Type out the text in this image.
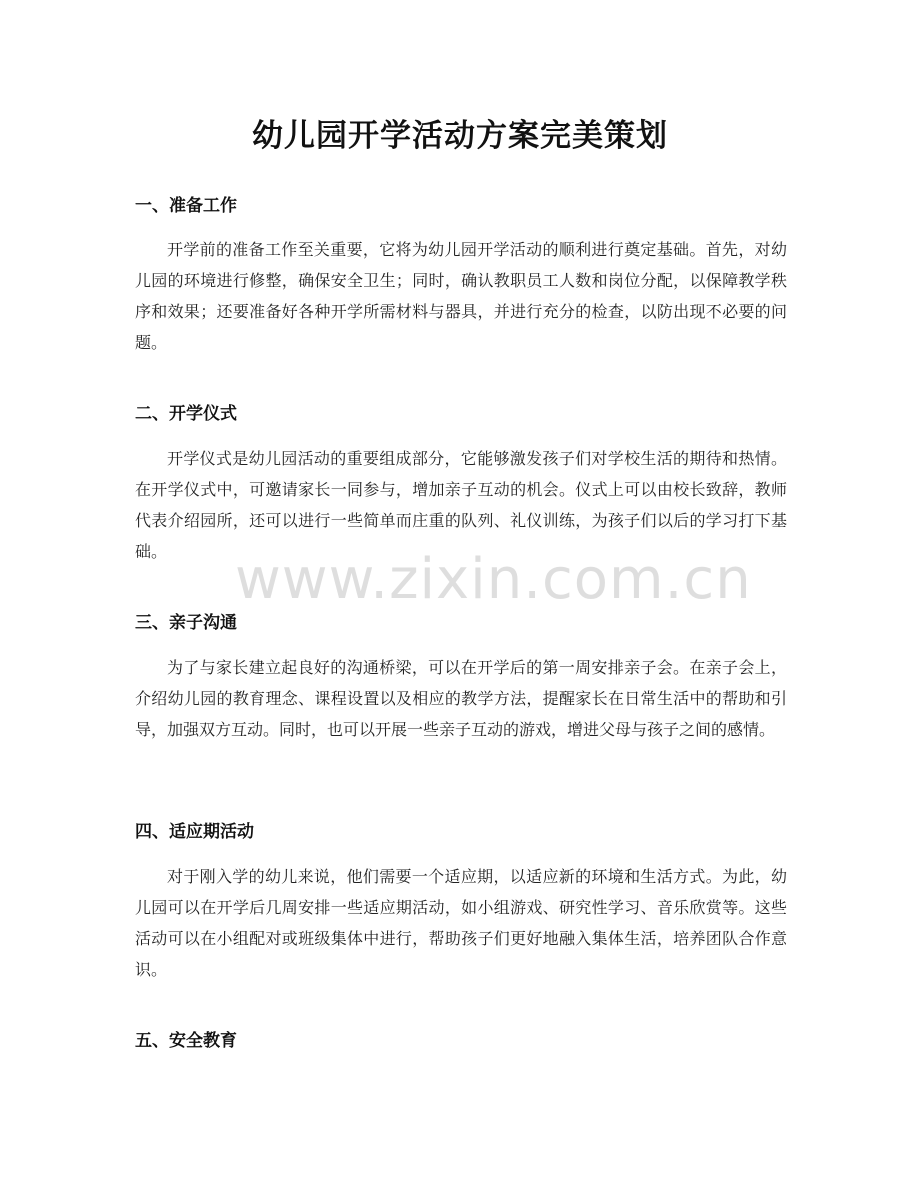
幼儿园开学活动方案完美策划
一、准备工作

开学前的准备工作至关重要，它将为幼儿园开学活动的顺利进行奠定基础。首先，对幼儿园的环境进行修整，确保安全卫生；同时，确认教职员工人数和岗位分配，以保障教学秩序和效果；还要准备好各种开学所需材料与器具，并进行充分的检查，以防出现不必要的问题。

二、开学仪式

开学仪式是幼儿园活动的重要组成部分，它能够激发孩子们对学校生活的期待和热情。在开学仪式中，可邀请家长一同参与，增加亲子互动的机会。仪式上可以由校长致辞，教师代表介绍园所，还可以进行一些简单而庄重的队列、礼仪训练，为孩子们以后的学习打下基础。

三、亲子沟通

为了与家长建立起良好的沟通桥梁，可以在开学后的第一周安排亲子会。在亲子会上，介绍幼儿园的教育理念、课程设置以及相应的教学方法，提醒家长在日常生活中的帮助和引导，加强双方互动。同时，也可以开展一些亲子互动的游戏，增进父母与孩子之间的感情。

四、适应期活动

对于刚入学的幼儿来说，他们需要一个适应期，以适应新的环境和生活方式。为此，幼儿园可以在开学后几周安排一些适应期活动，如小组游戏、研究性学习、音乐欣赏等。这些活动可以在小组配对或班级集体中进行，帮助孩子们更好地融入集体生活，培养团队合作意识。

五、安全教育
www.zixin.com.cn
